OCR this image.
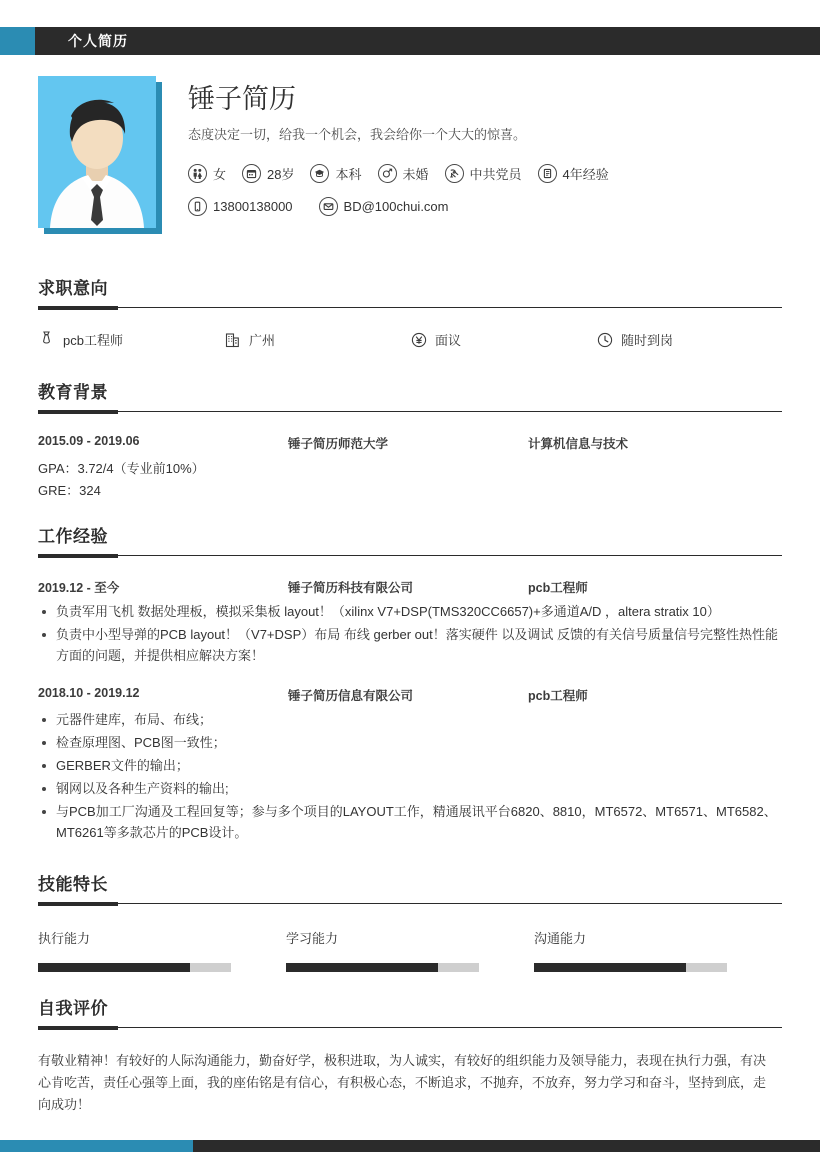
个人简历
锤子简历
态度决定一切，给我一个机会，我会给你一个大大的惊喜。
女	28岁	本科	未婚	中共党员	4年经验
13800138000	BD@100chui.com
求职意向
pcb工程师	广州	面议	随时到岗
教育背景
2015.09 - 2019.06	锤子简历师范大学	计算机信息与技术
GPA：3.72/4（专业前10%）
GRE：324
工作经验
2019.12 - 至今	锤子简历科技有限公司	pcb工程师
负责军用飞机 数据处理板，模拟采集板 layout！（xilinx V7+DSP(TMS320CC6657)+多通道A/D ，altera stratix 10）
负责中小型导弹的PCB layout！（V7+DSP）布局 布线 gerber out！落实硬件 以及调试 反馈的有关信号质量信号完整性热性能方面的问题，并提供相应解决方案！
2018.10 - 2019.12	锤子简历信息有限公司	pcb工程师
元器件建库，布局、布线；
检查原理图、PCB图一致性；
GERBER文件的输出；
钢网以及各种生产资料的输出;
与PCB加工厂沟通及工程回复等；参与多个项目的LAYOUT工作，精通展讯平台6820、8810，MT6572、MT6571、MT6582、MT6261等多款芯片的PCB设计。
技能特长
执行能力	学习能力	沟通能力
自我评价
有敬业精神！有较好的人际沟通能力，勤奋好学，极积进取，为人诚实，有较好的组织能力及领导能力，表现在执行力强，有决心肯吃苦，责任心强等上面，我的座佑铭是有信心，有积极心态，不断追求，不抛弃，不放弃，努力学习和奋斗，坚持到底，走向成功！
